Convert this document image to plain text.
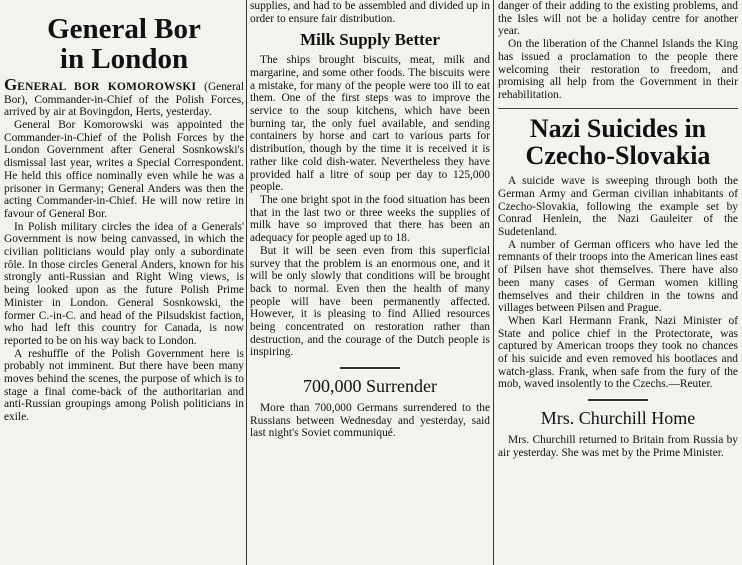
General Bor
in London

GENERAL BOR KOMOROWSKI (General Bor), Commander-in-Chief of the Polish Forces, arrived by air at Bovingdon, Herts, yesterday.

General Bor Komorowski was appointed the Commander-in-Chief of the Polish Forces by the London Government after General Sosnkowski's dismissal last year, writes a Special Correspondent. He held this office nominally even while he was a prisoner in Germany; General Anders was then the acting Commander-in-Chief. He will now retire in favour of General Bor.

In Polish military circles the idea of a Generals' Government is now being canvassed, in which the civilian politicians would play only a subordinate rôle. In those circles General Anders, known for his strongly anti-Russian and Right Wing views, is being looked upon as the future Polish Prime Minister in London. General Sosnkowski, the former C.-in-C. and head of the Pilsudskist faction, who had left this country for Canada, is now reported to be on his way back to London.

A reshuffle of the Polish Government here is probably not imminent. But there have been many moves behind the scenes, the purpose of which is to stage a final come-back of the authoritarian and anti-Russian groupings among Polish politicians in exile.

supplies, and had to be assembled and divided up in order to ensure fair distribution.

Milk Supply Better

The ships brought biscuits, meat, milk and margarine, and some other foods. The biscuits were a mistake, for many of the people were too ill to eat them. One of the first steps was to improve the service to the soup kitchens, which have been burning tar, the only fuel available, and sending containers by horse and cart to various parts for distribution, though by the time it is received it is rather like cold dish-water. Nevertheless they have provided half a litre of soup per day to 125,000 people.

The one bright spot in the food situation has been that in the last two or three weeks the supplies of milk have so improved that there has been an adequacy for people aged up to 18.

But it will be seen even from this superficial survey that the problem is an enormous one, and it will be only slowly that conditions will be brought back to normal. Even then the health of many people will have been permanently affected. However, it is pleasing to find Allied resources being concentrated on restoration rather than destruction, and the courage of the Dutch people is inspiring.

700,000 Surrender

More than 700,000 Germans surrendered to the Russians between Wednesday and yesterday, said last night's Soviet communiqué.

danger of their adding to the existing problems, and the Isles will not be a holiday centre for another year.

On the liberation of the Channel Islands the King has issued a proclamation to the people there welcoming their restoration to freedom, and promising all help from the Government in their rehabilitation.

Nazi Suicides in
Czecho-Slovakia

A suicide wave is sweeping through both the German Army and German civilian inhabitants of Czecho-Slovakia, following the example set by Conrad Henlein, the Nazi Gauleiter of the Sudetenland.

A number of German officers who have led the remnants of their troops into the American lines east of Pilsen have shot themselves. There have also been many cases of German women killing themselves and their children in the towns and villages between Pilsen and Prague.

When Karl Hermann Frank, Nazi Minister of State and police chief in the Protectorate, was captured by American troops they took no chances of his suicide and even removed his bootlaces and watch-glass. Frank, when safe from the fury of the mob, waved insolently to the Czechs.—Reuter.

Mrs. Churchill Home

Mrs. Churchill returned to Britain from Russia by air yesterday. She was met by the Prime Minister.
